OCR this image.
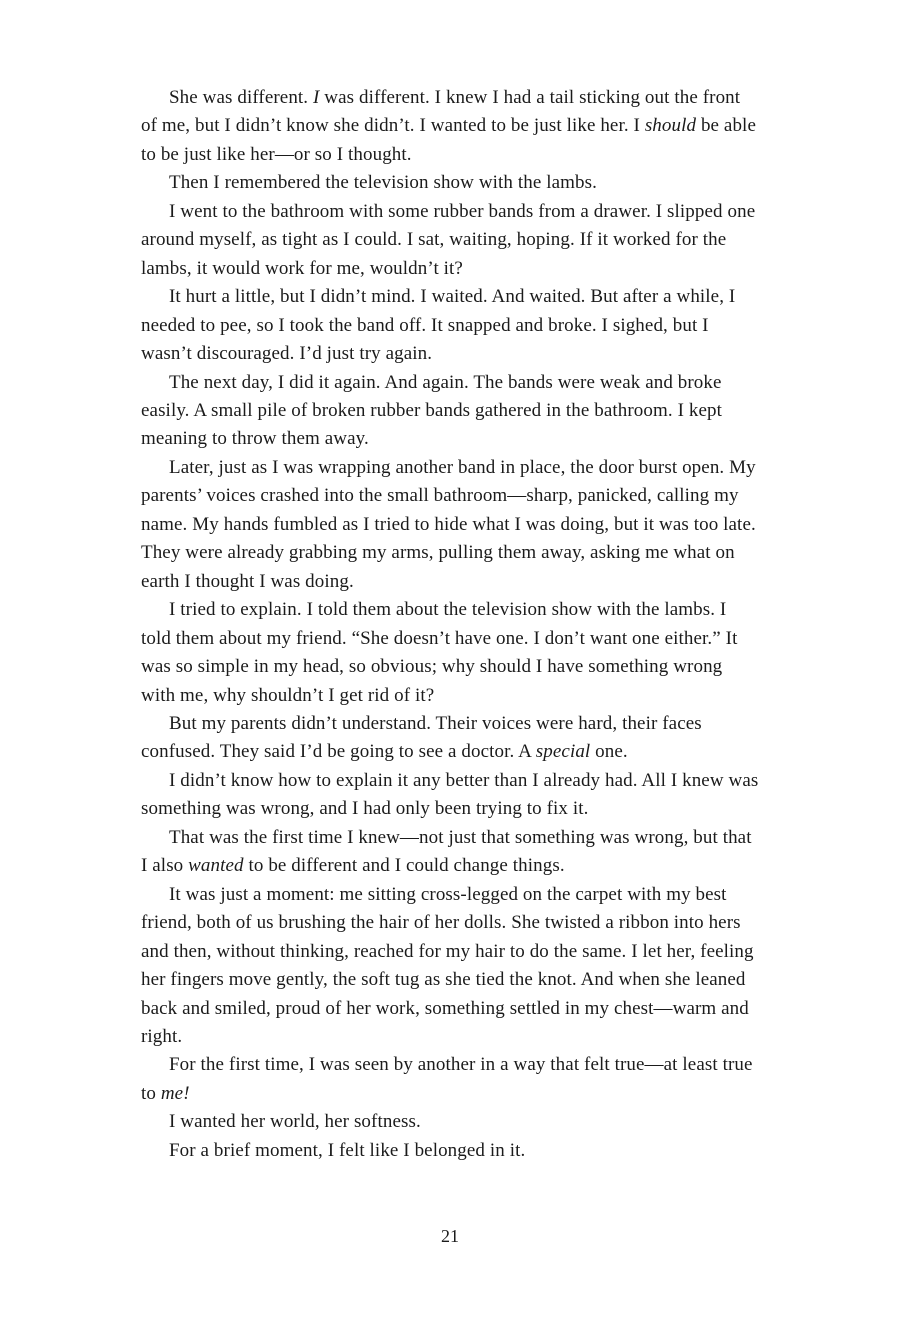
She was different. I was different. I knew I had a tail sticking out the front of me, but I didn’t know she didn’t. I wanted to be just like her. I should be able to be just like her—or so I thought.

Then I remembered the television show with the lambs.

I went to the bathroom with some rubber bands from a drawer. I slipped one around myself, as tight as I could. I sat, waiting, hoping. If it worked for the lambs, it would work for me, wouldn’t it?

It hurt a little, but I didn’t mind. I waited. And waited. But after a while, I needed to pee, so I took the band off. It snapped and broke. I sighed, but I wasn’t discouraged. I’d just try again.

The next day, I did it again. And again. The bands were weak and broke easily. A small pile of broken rubber bands gathered in the bathroom. I kept meaning to throw them away.

Later, just as I was wrapping another band in place, the door burst open. My parents’ voices crashed into the small bathroom—sharp, panicked, calling my name. My hands fumbled as I tried to hide what I was doing, but it was too late. They were already grabbing my arms, pulling them away, asking me what on earth I thought I was doing.

I tried to explain. I told them about the television show with the lambs. I told them about my friend. “She doesn’t have one. I don’t want one either.” It was so simple in my head, so obvious; why should I have something wrong with me, why shouldn’t I get rid of it?

But my parents didn’t understand. Their voices were hard, their faces confused. They said I’d be going to see a doctor. A special one.

I didn’t know how to explain it any better than I already had. All I knew was something was wrong, and I had only been trying to fix it.

That was the first time I knew—not just that something was wrong, but that I also wanted to be different and I could change things.

It was just a moment: me sitting cross-legged on the carpet with my best friend, both of us brushing the hair of her dolls. She twisted a ribbon into hers and then, without thinking, reached for my hair to do the same. I let her, feeling her fingers move gently, the soft tug as she tied the knot. And when she leaned back and smiled, proud of her work, something settled in my chest—warm and right.

For the first time, I was seen by another in a way that felt true—at least true to me!

I wanted her world, her softness.

For a brief moment, I felt like I belonged in it.

21
